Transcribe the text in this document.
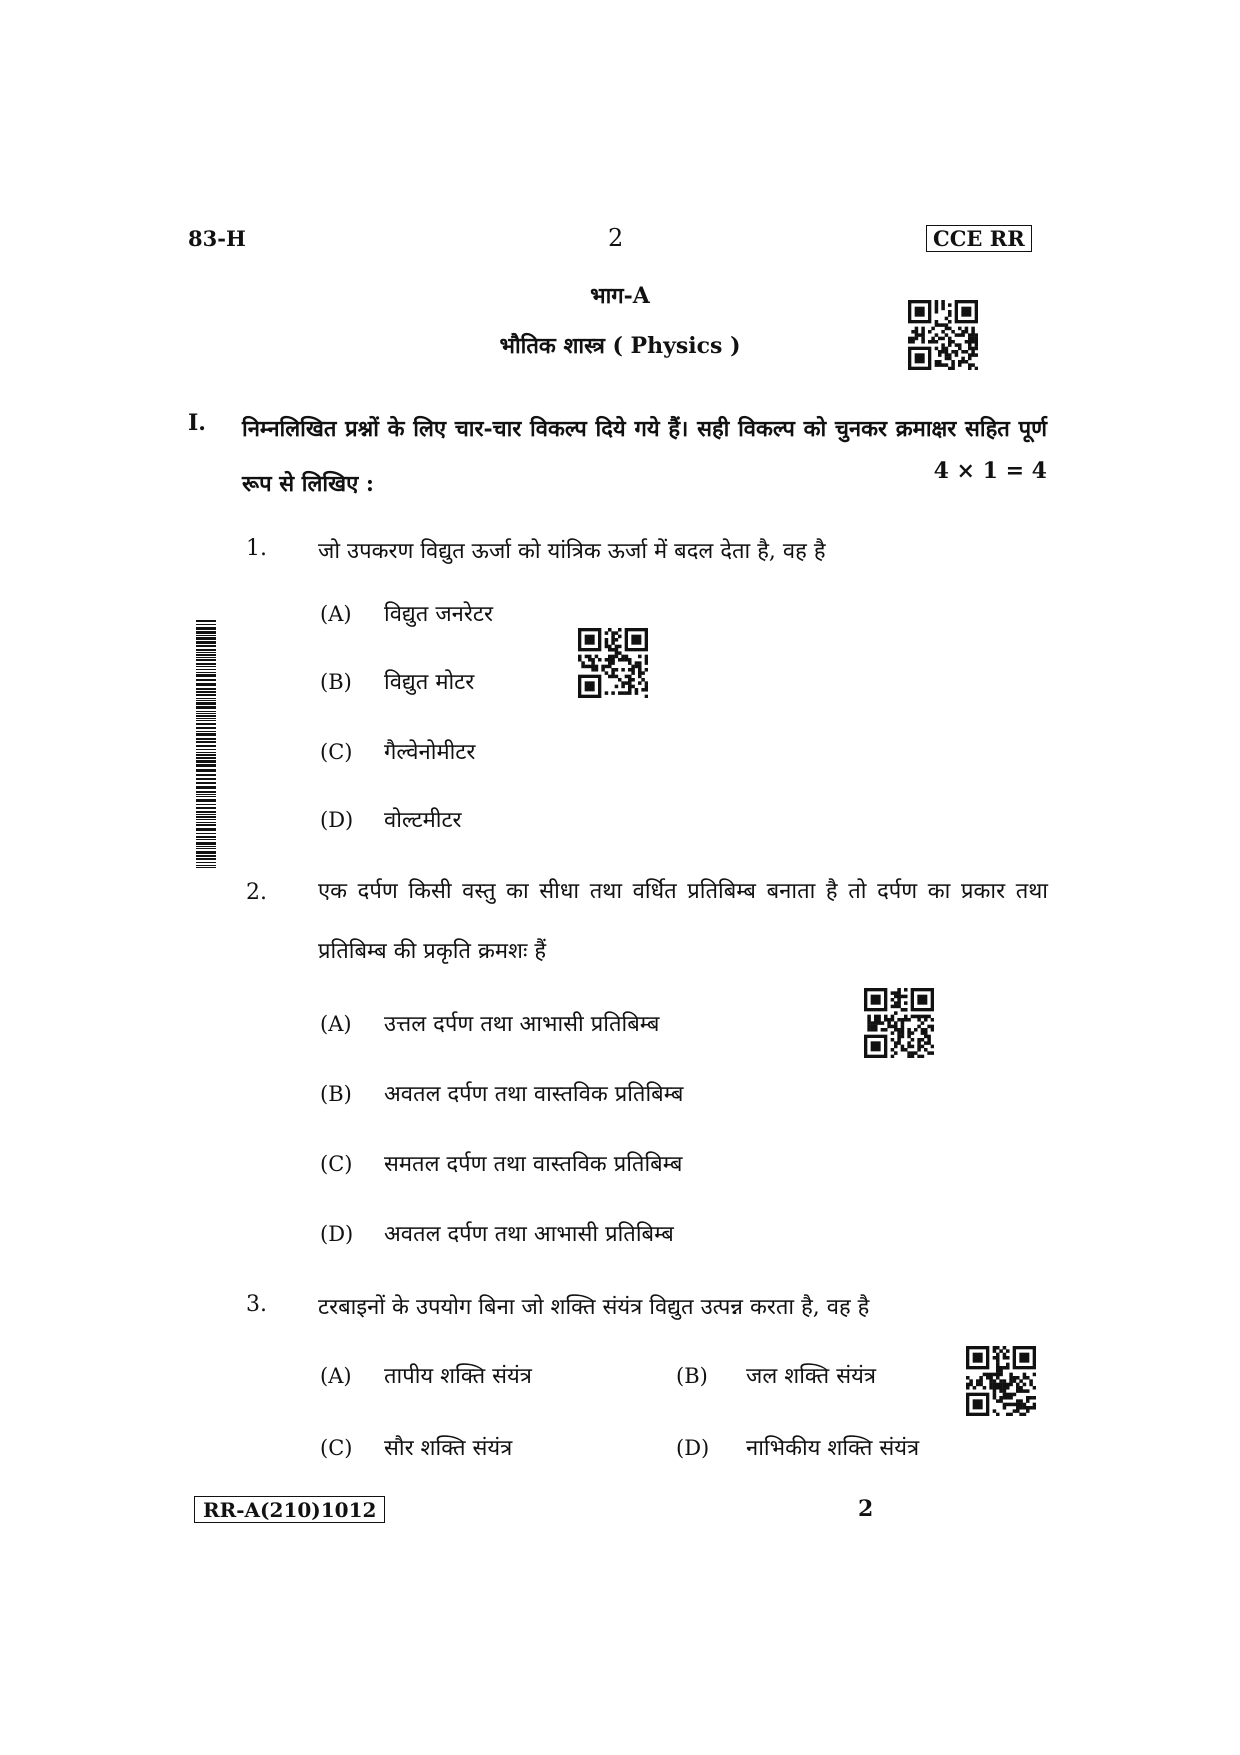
83-H	2	CCE RR
भाग-A
भौतिक शास्त्र ( Physics )
I. निम्नलिखित प्रश्नों के लिए चार-चार विकल्प दिये गये हैं। सही विकल्प को चुनकर क्रमाक्षर सहित पूर्ण रूप से लिखिए :	4 × 1 = 4
1. जो उपकरण विद्युत ऊर्जा को यांत्रिक ऊर्जा में बदल देता है, वह है
(A) विद्युत जनरेटर
(B) विद्युत मोटर
(C) गैल्वेनोमीटर
(D) वोल्टमीटर
2. एक दर्पण किसी वस्तु का सीधा तथा वर्धित प्रतिबिम्ब बनाता है तो दर्पण का प्रकार तथा प्रतिबिम्ब की प्रकृति क्रमशः हैं
(A) उत्तल दर्पण तथा आभासी प्रतिबिम्ब
(B) अवतल दर्पण तथा वास्तविक प्रतिबिम्ब
(C) समतल दर्पण तथा वास्तविक प्रतिबिम्ब
(D) अवतल दर्पण तथा आभासी प्रतिबिम्ब
3. टरबाइनों के उपयोग बिना जो शक्ति संयंत्र विद्युत उत्पन्न करता है, वह है
(A) तापीय शक्ति संयंत्र	(B) जल शक्ति संयंत्र
(C) सौर शक्ति संयंत्र	(D) नाभिकीय शक्ति संयंत्र
RR-A(210)1012	2
